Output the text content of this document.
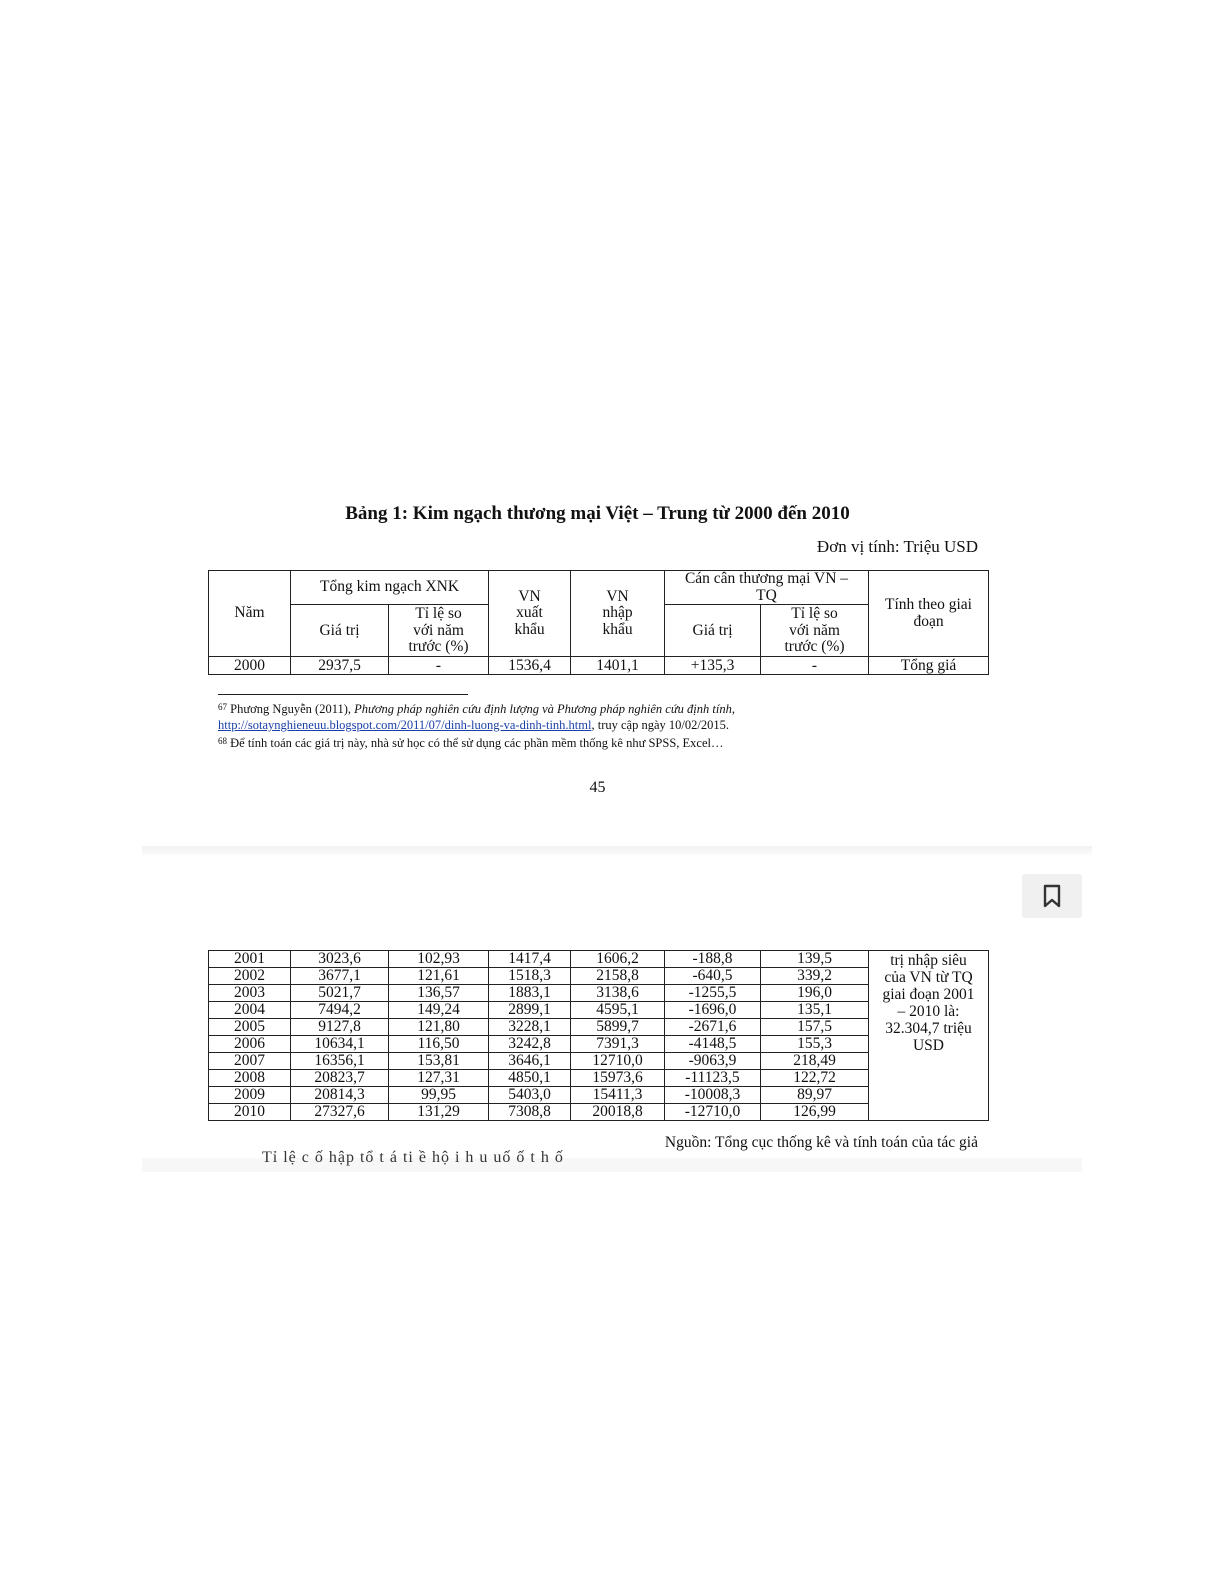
Bảng 1: Kim ngạch thương mại Việt – Trung từ 2000 đến 2010
Đơn vị tính: Triệu USD
Năm	Tổng kim ngạch XNK		VN xuất khẩu	VN nhập khẩu	Cán cân thương mại VN – TQ		Tính theo giai đoạn
	Giá trị	Tỉ lệ so với năm trước (%)			Giá trị	Tỉ lệ so với năm trước (%)	
2000	2937,5	-	1536,4	1401,1	+135,3	-	Tổng giá
$^{67}$ Phương Nguyễn (2011), Phương pháp nghiên cứu định lượng và Phương pháp nghiên cứu định tính,
http://sotaynghieneuu.blogspot.com/2011/07/dinh-luong-va-dinh-tinh.html, truy cập ngày 10/02/2015.
$^{68}$ Để tính toán các giá trị này, nhà sử học có thể sử dụng các phần mềm thống kê như SPSS, Excel…
45
2001	3023,6	102,93	1417,4	1606,2	-188,8	139,5	trị nhập siêu của VN từ TQ giai đoạn 2001 – 2010 là: 32.304,7 triệu USD
2002	3677,1	121,61	1518,3	2158,8	-640,5	339,2	
2003	5021,7	136,57	1883,1	3138,6	-1255,5	196,0	
2004	7494,2	149,24	2899,1	4595,1	-1696,0	135,1	
2005	9127,8	121,80	3228,1	5899,7	-2671,6	157,5	
2006	10634,1	116,50	3242,8	7391,3	-4148,5	155,3	
2007	16356,1	153,81	3646,1	12710,0	-9063,9	218,49	
2008	20823,7	127,31	4850,1	15973,6	-11123,5	122,72	
2009	20814,3	99,95	5403,0	15411,3	-10008,3	89,97	
2010	27327,6	131,29	7308,8	20018,8	-12710,0	126,99	
Nguồn: Tổng cục thống kê và tính toán của tác giả
Tỉ lệ c ố hập tổ t á ti ề hộ i h u uố ố t h ố
